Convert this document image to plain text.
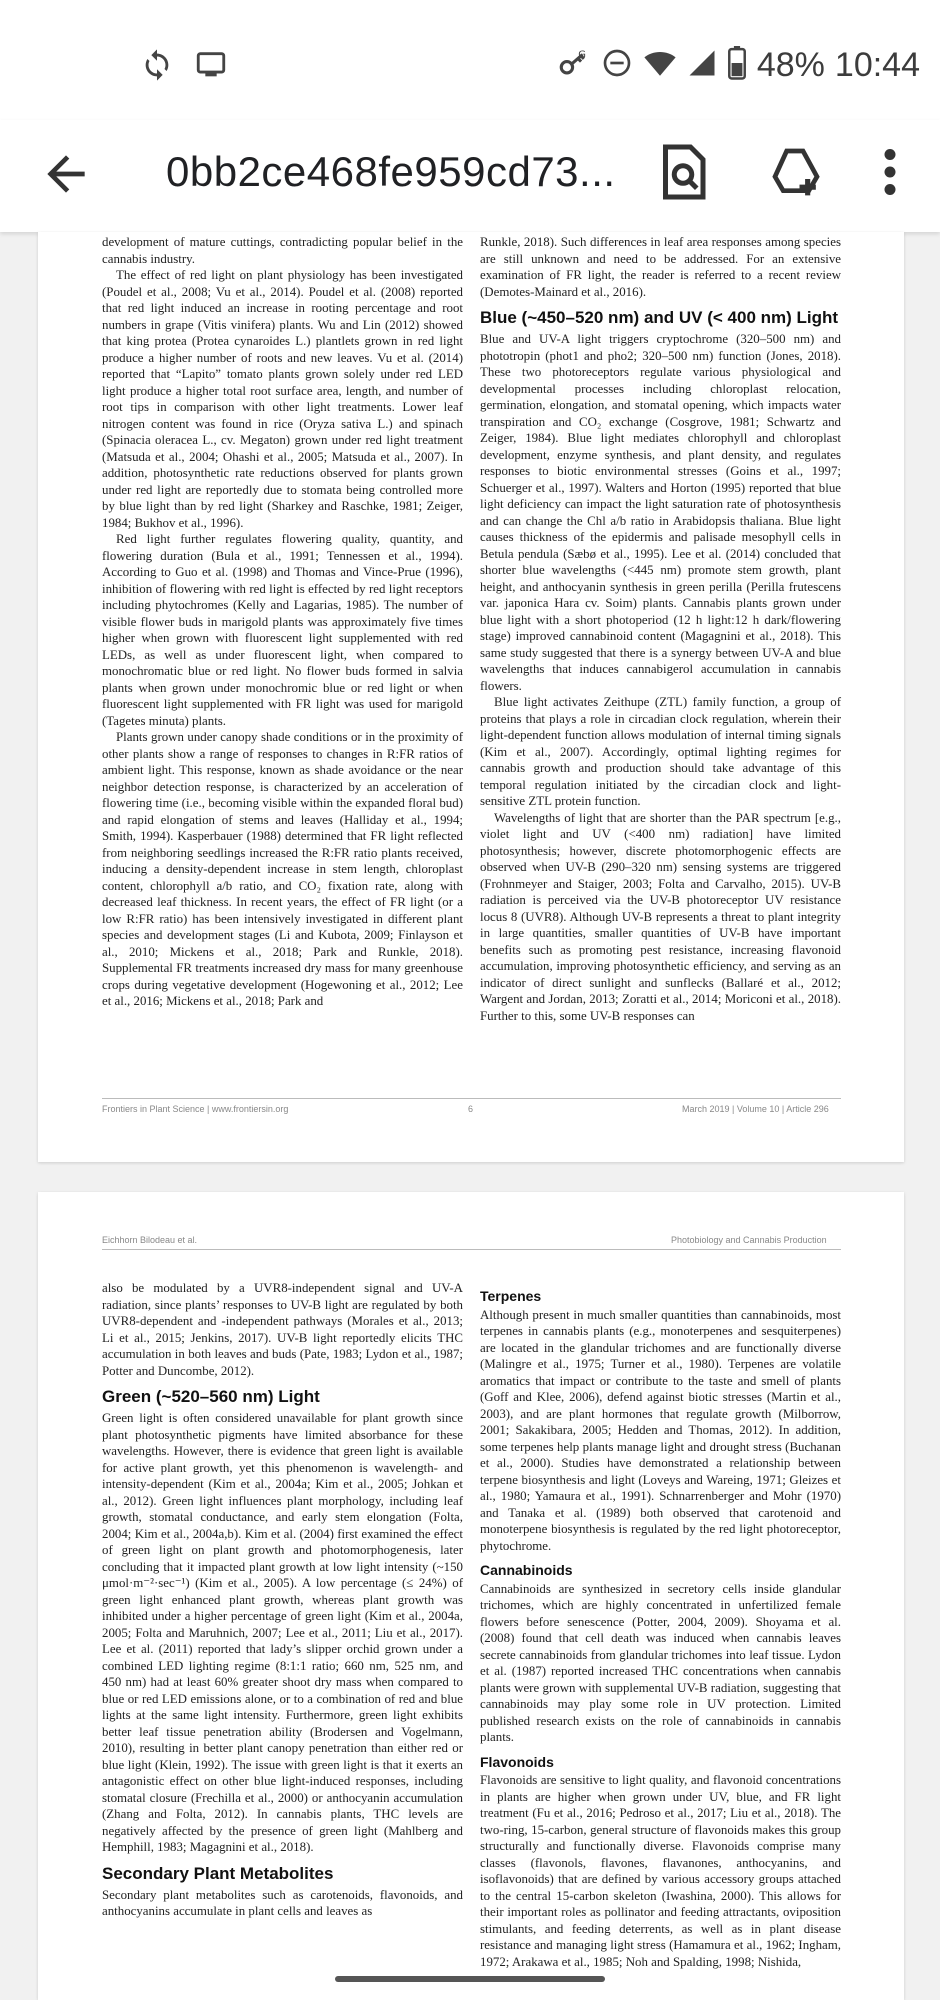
G	48% 10:44
0bb2ce468fe959cd73...

development of mature cuttings, contradicting popular belief in the cannabis industry.

The effect of red light on plant physiology has been investigated (Poudel et al., 2008; Vu et al., 2014). Poudel et al. (2008) reported that red light induced an increase in rooting percentage and root numbers in grape (Vitis vinifera) plants. Wu and Lin (2012) showed that king protea (Protea cynaroides L.) plantlets grown in red light produce a higher number of roots and new leaves. Vu et al. (2014) reported that “Lapito” tomato plants grown solely under red LED light produce a higher total root surface area, length, and number of root tips in comparison with other light treatments. Lower leaf nitrogen content was found in rice (Oryza sativa L.) and spinach (Spinacia oleracea L., cv. Megaton) grown under red light treatment (Matsuda et al., 2004; Ohashi et al., 2005; Matsuda et al., 2007). In addition, photosynthetic rate reductions observed for plants grown under red light are reportedly due to stomata being controlled more by blue light than by red light (Sharkey and Raschke, 1981; Zeiger, 1984; Bukhov et al., 1996).

Red light further regulates flowering quality, quantity, and flowering duration (Bula et al., 1991; Tennessen et al., 1994). According to Guo et al. (1998) and Thomas and Vince-Prue (1996), inhibition of flowering with red light is effected by red light receptors including phytochromes (Kelly and Lagarias, 1985). The number of visible flower buds in marigold plants was approximately five times higher when grown with fluorescent light supplemented with red LEDs, as well as under fluorescent light, when compared to monochromatic blue or red light. No flower buds formed in salvia plants when grown under monochromic blue or red light or when fluorescent light supplemented with FR light was used for marigold (Tagetes minuta) plants.

Plants grown under canopy shade conditions or in the proximity of other plants show a range of responses to changes in R:FR ratios of ambient light. This response, known as shade avoidance or the near neighbor detection response, is characterized by an acceleration of flowering time (i.e., becoming visible within the expanded floral bud) and rapid elongation of stems and leaves (Halliday et al., 1994; Smith, 1994). Kasperbauer (1988) determined that FR light reflected from neighboring seedlings increased the R:FR ratio plants received, inducing a density-dependent increase in stem length, chloroplast content, chlorophyll a/b ratio, and CO₂ fixation rate, along with decreased leaf thickness. In recent years, the effect of FR light (or a low R:FR ratio) has been intensively investigated in different plant species and development stages (Li and Kubota, 2009; Finlayson et al., 2010; Mickens et al., 2018; Park and Runkle, 2018). Supplemental FR treatments increased dry mass for many greenhouse crops during vegetative development (Hogewoning et al., 2012; Lee et al., 2016; Mickens et al., 2018; Park and

Runkle, 2018). Such differences in leaf area responses among species are still unknown and need to be addressed. For an extensive examination of FR light, the reader is referred to a recent review (Demotes-Mainard et al., 2016).

Blue (~450–520 nm) and UV (< 400 nm) Light

Blue and UV-A light triggers cryptochrome (320–500 nm) and phototropin (phot1 and pho2; 320–500 nm) function (Jones, 2018). These two photoreceptors regulate various physiological and developmental processes including chloroplast relocation, germination, elongation, and stomatal opening, which impacts water transpiration and CO₂ exchange (Cosgrove, 1981; Schwartz and Zeiger, 1984). Blue light mediates chlorophyll and chloroplast development, enzyme synthesis, and plant density, and regulates responses to biotic environmental stresses (Goins et al., 1997; Schuerger et al., 1997). Walters and Horton (1995) reported that blue light deficiency can impact the light saturation rate of photosynthesis and can change the Chl a/b ratio in Arabidopsis thaliana. Blue light causes thickness of the epidermis and palisade mesophyll cells in Betula pendula (Sæbø et al., 1995). Lee et al. (2014) concluded that shorter blue wavelengths (<445 nm) promote stem growth, plant height, and anthocyanin synthesis in green perilla (Perilla frutescens var. japonica Hara cv. Soim) plants. Cannabis plants grown under blue light with a short photoperiod (12 h light:12 h dark/flowering stage) improved cannabinoid content (Magagnini et al., 2018). This same study suggested that there is a synergy between UV-A and blue wavelengths that induces cannabigerol accumulation in cannabis flowers.

Blue light activates Zeithupe (ZTL) family function, a group of proteins that plays a role in circadian clock regulation, wherein their light-dependent function allows modulation of internal timing signals (Kim et al., 2007). Accordingly, optimal lighting regimes for cannabis growth and production should take advantage of this temporal regulation initiated by the circadian clock and light-sensitive ZTL protein function.

Wavelengths of light that are shorter than the PAR spectrum [e.g., violet light and UV (<400 nm) radiation] have limited photosynthesis; however, discrete photomorphogenic effects are observed when UV-B (290–320 nm) sensing systems are triggered (Frohnmeyer and Staiger, 2003; Folta and Carvalho, 2015). UV-B radiation is perceived via the UV-B photoreceptor UV resistance locus 8 (UVR8). Although UV-B represents a threat to plant integrity in large quantities, smaller quantities of UV-B have important benefits such as promoting pest resistance, increasing flavonoid accumulation, improving photosynthetic efficiency, and serving as an indicator of direct sunlight and sunflecks (Ballaré et al., 2012; Wargent and Jordan, 2013; Zoratti et al., 2014; Moriconi et al., 2018). Further to this, some UV-B responses can

Frontiers in Plant Science | www.frontiersin.org	6	March 2019 | Volume 10 | Article 296
Eichhorn Bilodeau et al.	Photobiology and Cannabis Production

also be modulated by a UVR8-independent signal and UV-A radiation, since plants’ responses to UV-B light are regulated by both UVR8-dependent and -independent pathways (Morales et al., 2013; Li et al., 2015; Jenkins, 2017). UV-B light reportedly elicits THC accumulation in both leaves and buds (Pate, 1983; Lydon et al., 1987; Potter and Duncombe, 2012).

Green (~520–560 nm) Light

Green light is often considered unavailable for plant growth since plant photosynthetic pigments have limited absorbance for these wavelengths. However, there is evidence that green light is available for active plant growth, yet this phenomenon is wavelength- and intensity-dependent (Kim et al., 2004a; Kim et al., 2005; Johkan et al., 2012). Green light influences plant morphology, including leaf growth, stomatal conductance, and early stem elongation (Folta, 2004; Kim et al., 2004a,b). Kim et al. (2004) first examined the effect of green light on plant growth and photomorphogenesis, later concluding that it impacted plant growth at low light intensity (~150 μmol·m⁻²·sec⁻¹) (Kim et al., 2005). A low percentage (≤ 24%) of green light enhanced plant growth, whereas plant growth was inhibited under a higher percentage of green light (Kim et al., 2004a, 2005; Folta and Maruhnich, 2007; Lee et al., 2011; Liu et al., 2017). Lee et al. (2011) reported that lady’s slipper orchid grown under a combined LED lighting regime (8:1:1 ratio; 660 nm, 525 nm, and 450 nm) had at least 60% greater shoot dry mass when compared to blue or red LED emissions alone, or to a combination of red and blue lights at the same light intensity. Furthermore, green light exhibits better leaf tissue penetration ability (Brodersen and Vogelmann, 2010), resulting in better plant canopy penetration than either red or blue light (Klein, 1992). The issue with green light is that it exerts an antagonistic effect on other blue light-induced responses, including stomatal closure (Frechilla et al., 2000) or anthocyanin accumulation (Zhang and Folta, 2012). In cannabis plants, THC levels are negatively affected by the presence of green light (Mahlberg and Hemphill, 1983; Magagnini et al., 2018).

Secondary Plant Metabolites

Secondary plant metabolites such as carotenoids, flavonoids, and anthocyanins accumulate in plant cells and leaves as

Terpenes

Although present in much smaller quantities than cannabinoids, most terpenes in cannabis plants (e.g., monoterpenes and sesquiterpenes) are located in the glandular trichomes and are functionally diverse (Malingre et al., 1975; Turner et al., 1980). Terpenes are volatile aromatics that impact or contribute to the taste and smell of plants (Goff and Klee, 2006), defend against biotic stresses (Martin et al., 2003), and are plant hormones that regulate growth (Milborrow, 2001; Sakakibara, 2005; Hedden and Thomas, 2012). In addition, some terpenes help plants manage light and drought stress (Buchanan et al., 2000). Studies have demonstrated a relationship between terpene biosynthesis and light (Loveys and Wareing, 1971; Gleizes et al., 1980; Yamaura et al., 1991). Schnarrenberger and Mohr (1970) and Tanaka et al. (1989) both observed that carotenoid and monoterpene biosynthesis is regulated by the red light photoreceptor, phytochrome.

Cannabinoids

Cannabinoids are synthesized in secretory cells inside glandular trichomes, which are highly concentrated in unfertilized female flowers before senescence (Potter, 2004, 2009). Shoyama et al. (2008) found that cell death was induced when cannabis leaves secrete cannabinoids from glandular trichomes into leaf tissue. Lydon et al. (1987) reported increased THC concentrations when cannabis plants were grown with supplemental UV-B radiation, suggesting that cannabinoids may play some role in UV protection. Limited published research exists on the role of cannabinoids in cannabis plants.

Flavonoids

Flavonoids are sensitive to light quality, and flavonoid concentrations in plants are higher when grown under UV, blue, and FR light treatment (Fu et al., 2016; Pedroso et al., 2017; Liu et al., 2018). The two-ring, 15-carbon, general structure of flavonoids makes this group structurally and functionally diverse. Flavonoids comprise many classes (flavonols, flavones, flavanones, anthocyanins, and isoflavonoids) that are defined by various accessory groups attached to the central 15-carbon skeleton (Iwashina, 2000). This allows for their important roles as pollinator and feeding attractants, oviposition stimulants, and feeding deterrents, as well as in plant disease resistance and managing light stress (Hamamura et al., 1962; Ingham, 1972; Arakawa et al., 1985; Noh and Spalding, 1998; Nishida,
